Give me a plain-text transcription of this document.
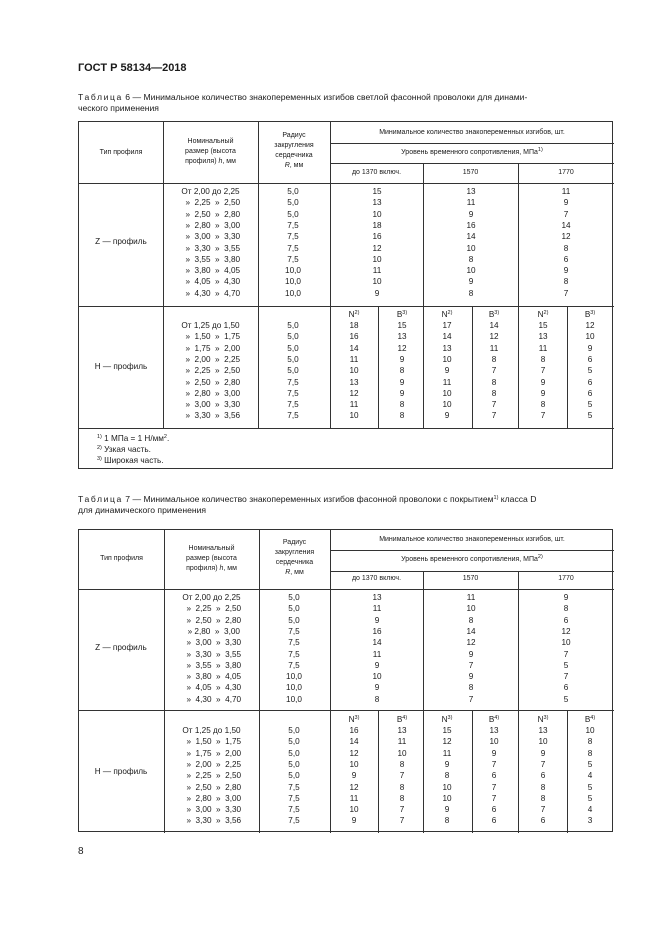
ГОСТ Р 58134—2018
Таблица 6 — Минимальное количество знакопеременных изгибов светлой фасонной проволоки для динами-
ческого применения
Тип профиля
Номинальный
размер (высота
профиля) h, мм
Радиус
закругления
сердечника
R, мм
Минимальное количество знакопеременных изгибов, шт.
Уровень временного сопротивления, МПа$^{1)}$
до 1370 включ.	1570	1770
Z — профиль
От 2,00 до 2,25	5,0	15	13	11
»  2,25  »  2,50	5,0	13	11	9
»  2,50  »  2,80	5,0	10	9	7
»  2,80  »  3,00	7,5	18	16	14
»  3,00  »  3,30	7,5	16	14	12
»  3,30  »  3,55	7,5	12	10	8
»  3,55  »  3,80	7,5	10	8	6
»  3,80  »  4,05	10,0	11	10	9
»  4,05  »  4,30	10,0	10	9	8
»  4,30  »  4,70	10,0	9	8	7
H — профиль
$N^{2)}$	$B^{3)}$	$N^{2)}$	$B^{3)}$	$N^{2)}$	$B^{3)}$
От 1,25 до 1,50	5,0	18	15	17	14	15	12
»  1,50  »  1,75	5,0	16	13	14	12	13	10
»  1,75  »  2,00	5,0	14	12	13	11	11	9
»  2,00  »  2,25	5,0	11	9	10	8	8	6
»  2,25  »  2,50	5,0	10	8	9	7	7	5
»  2,50  »  2,80	7,5	13	9	11	8	9	6
»  2,80  »  3,00	7,5	12	9	10	8	9	6
»  3,00  »  3,30	7,5	11	8	10	7	8	5
»  3,30  »  3,56	7,5	10	8	9	7	7	5
$^{1)}$ 1 МПа = 1 $Н/мм^2$.
$^{2)}$ Узкая часть.
$^{3)}$ Широкая часть.
Таблица 7 — Минимальное количество знакопеременных изгибов фасонной проволоки с покрытием$^{1)}$ класса D
для динамического применения
Тип профиля
Номинальный
размер (высота
профиля) h, мм
Радиус
закругления
сердечника
R, мм
Минимальное количество знакопеременных изгибов, шт.
Уровень временного сопротивления, МПа$^{2)}$
до 1370 включ.	1570	1770
Z — профиль
От 2,00 до 2,25	5,0	13	11	9
»  2,25  »  2,50	5,0	11	10	8
»  2,50  »  2,80	5,0	9	8	6
» 2,80  »  3,00	7,5	16	14	12
»  3,00  »  3,30	7,5	14	12	10
»  3,30  »  3,55	7,5	11	9	7
»  3,55  »  3,80	7,5	9	7	5
»  3,80  »  4,05	10,0	10	9	7
»  4,05  »  4,30	10,0	9	8	6
»  4,30  »  4,70	10,0	8	7	5
H — профиль
$N^{3)}$	$B^{4)}$	$N^{3)}$	$B^{4)}$	$N^{3)}$	$B^{4)}$
От 1,25 до 1,50	5,0	16	13	15	13	13	10
»  1,50  »  1,75	5,0	14	11	12	10	10	8
»  1,75  »  2,00	5,0	12	10	11	9	9	8
»  2,00  »  2,25	5,0	10	8	9	7	7	5
»  2,25  »  2,50	5,0	9	7	8	6	6	4
»  2,50  »  2,80	7,5	12	8	10	7	8	5
»  2,80  »  3,00	7,5	11	8	10	7	8	5
»  3,00  »  3,30	7,5	10	7	9	6	7	4
»  3,30  »  3,56	7,5	9	7	8	6	6	3
8
